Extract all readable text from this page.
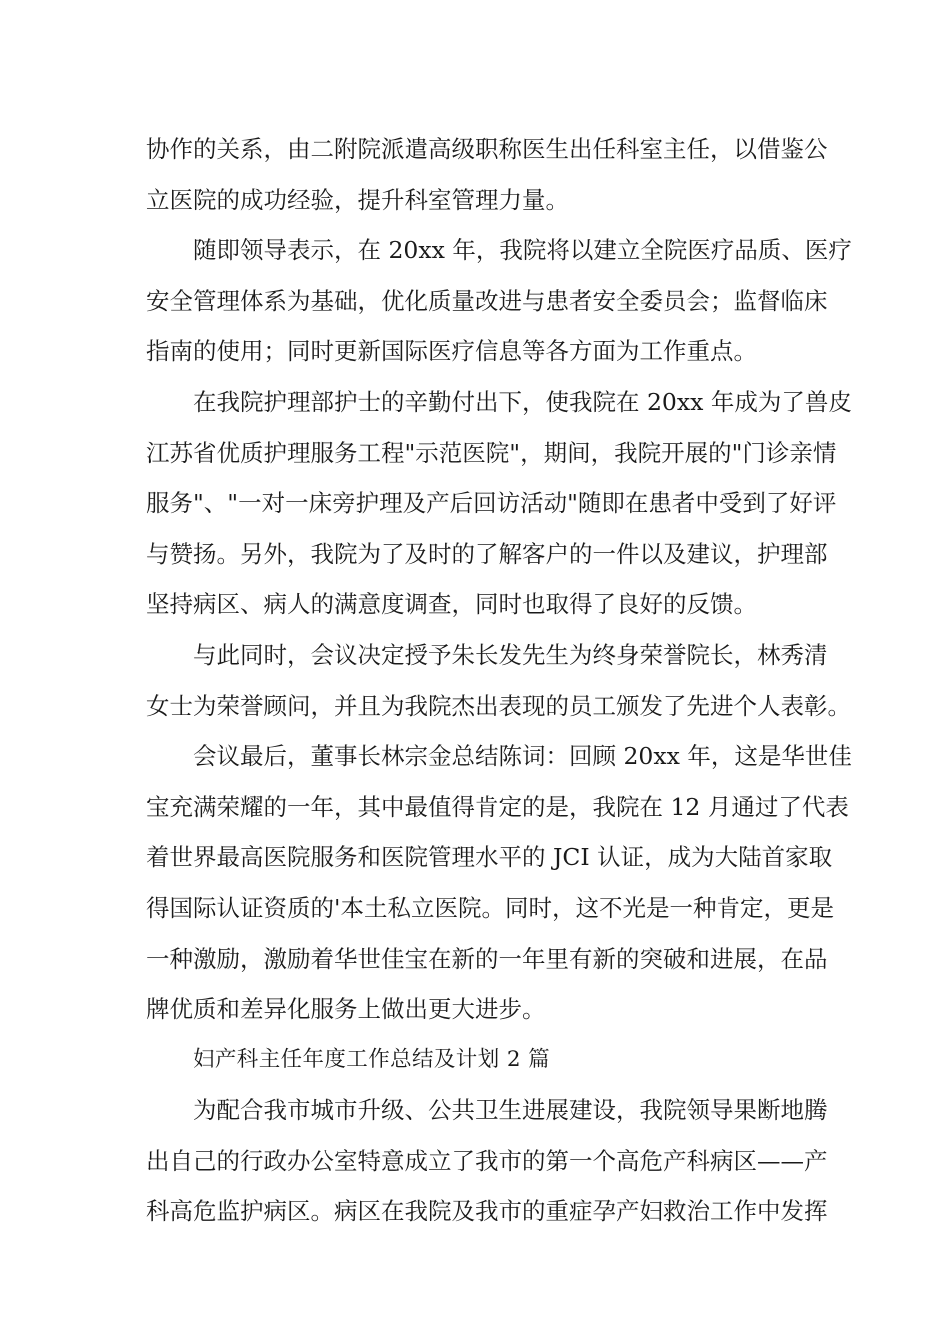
协作的关系，由二附院派遣高级职称医生出任科室主任，以借鉴公
立医院的成功经验，提升科室管理力量。
随即领导表示，在 20xx 年，我院将以建立全院医疗品质、医疗
安全管理体系为基础，优化质量改进与患者安全委员会；监督临床
指南的使用；同时更新国际医疗信息等各方面为工作重点。
在我院护理部护士的辛勤付出下，使我院在 20xx 年成为了兽皮
江苏省优质护理服务工程"示范医院"，期间，我院开展的"门诊亲情
服务"、"一对一床旁护理及产后回访活动"随即在患者中受到了好评
与赞扬。另外，我院为了及时的了解客户的一件以及建议，护理部
坚持病区、病人的满意度调查，同时也取得了良好的反馈。
与此同时，会议决定授予朱长发先生为终身荣誉院长，林秀清
女士为荣誉顾问，并且为我院杰出表现的员工颁发了先进个人表彰。
会议最后，董事长林宗金总结陈词：回顾 20xx 年，这是华世佳
宝充满荣耀的一年，其中最值得肯定的是，我院在 12 月通过了代表
着世界最高医院服务和医院管理水平的 JCI 认证，成为大陆首家取
得国际认证资质的'本土私立医院。同时，这不光是一种肯定，更是
一种激励，激励着华世佳宝在新的一年里有新的突破和进展，在品
牌优质和差异化服务上做出更大进步。
妇产科主任年度工作总结及计划 2 篇
为配合我市城市升级、公共卫生进展建设，我院领导果断地腾
出自己的行政办公室特意成立了我市的第一个高危产科病区——产
科高危监护病区。病区在我院及我市的重症孕产妇救治工作中发挥
